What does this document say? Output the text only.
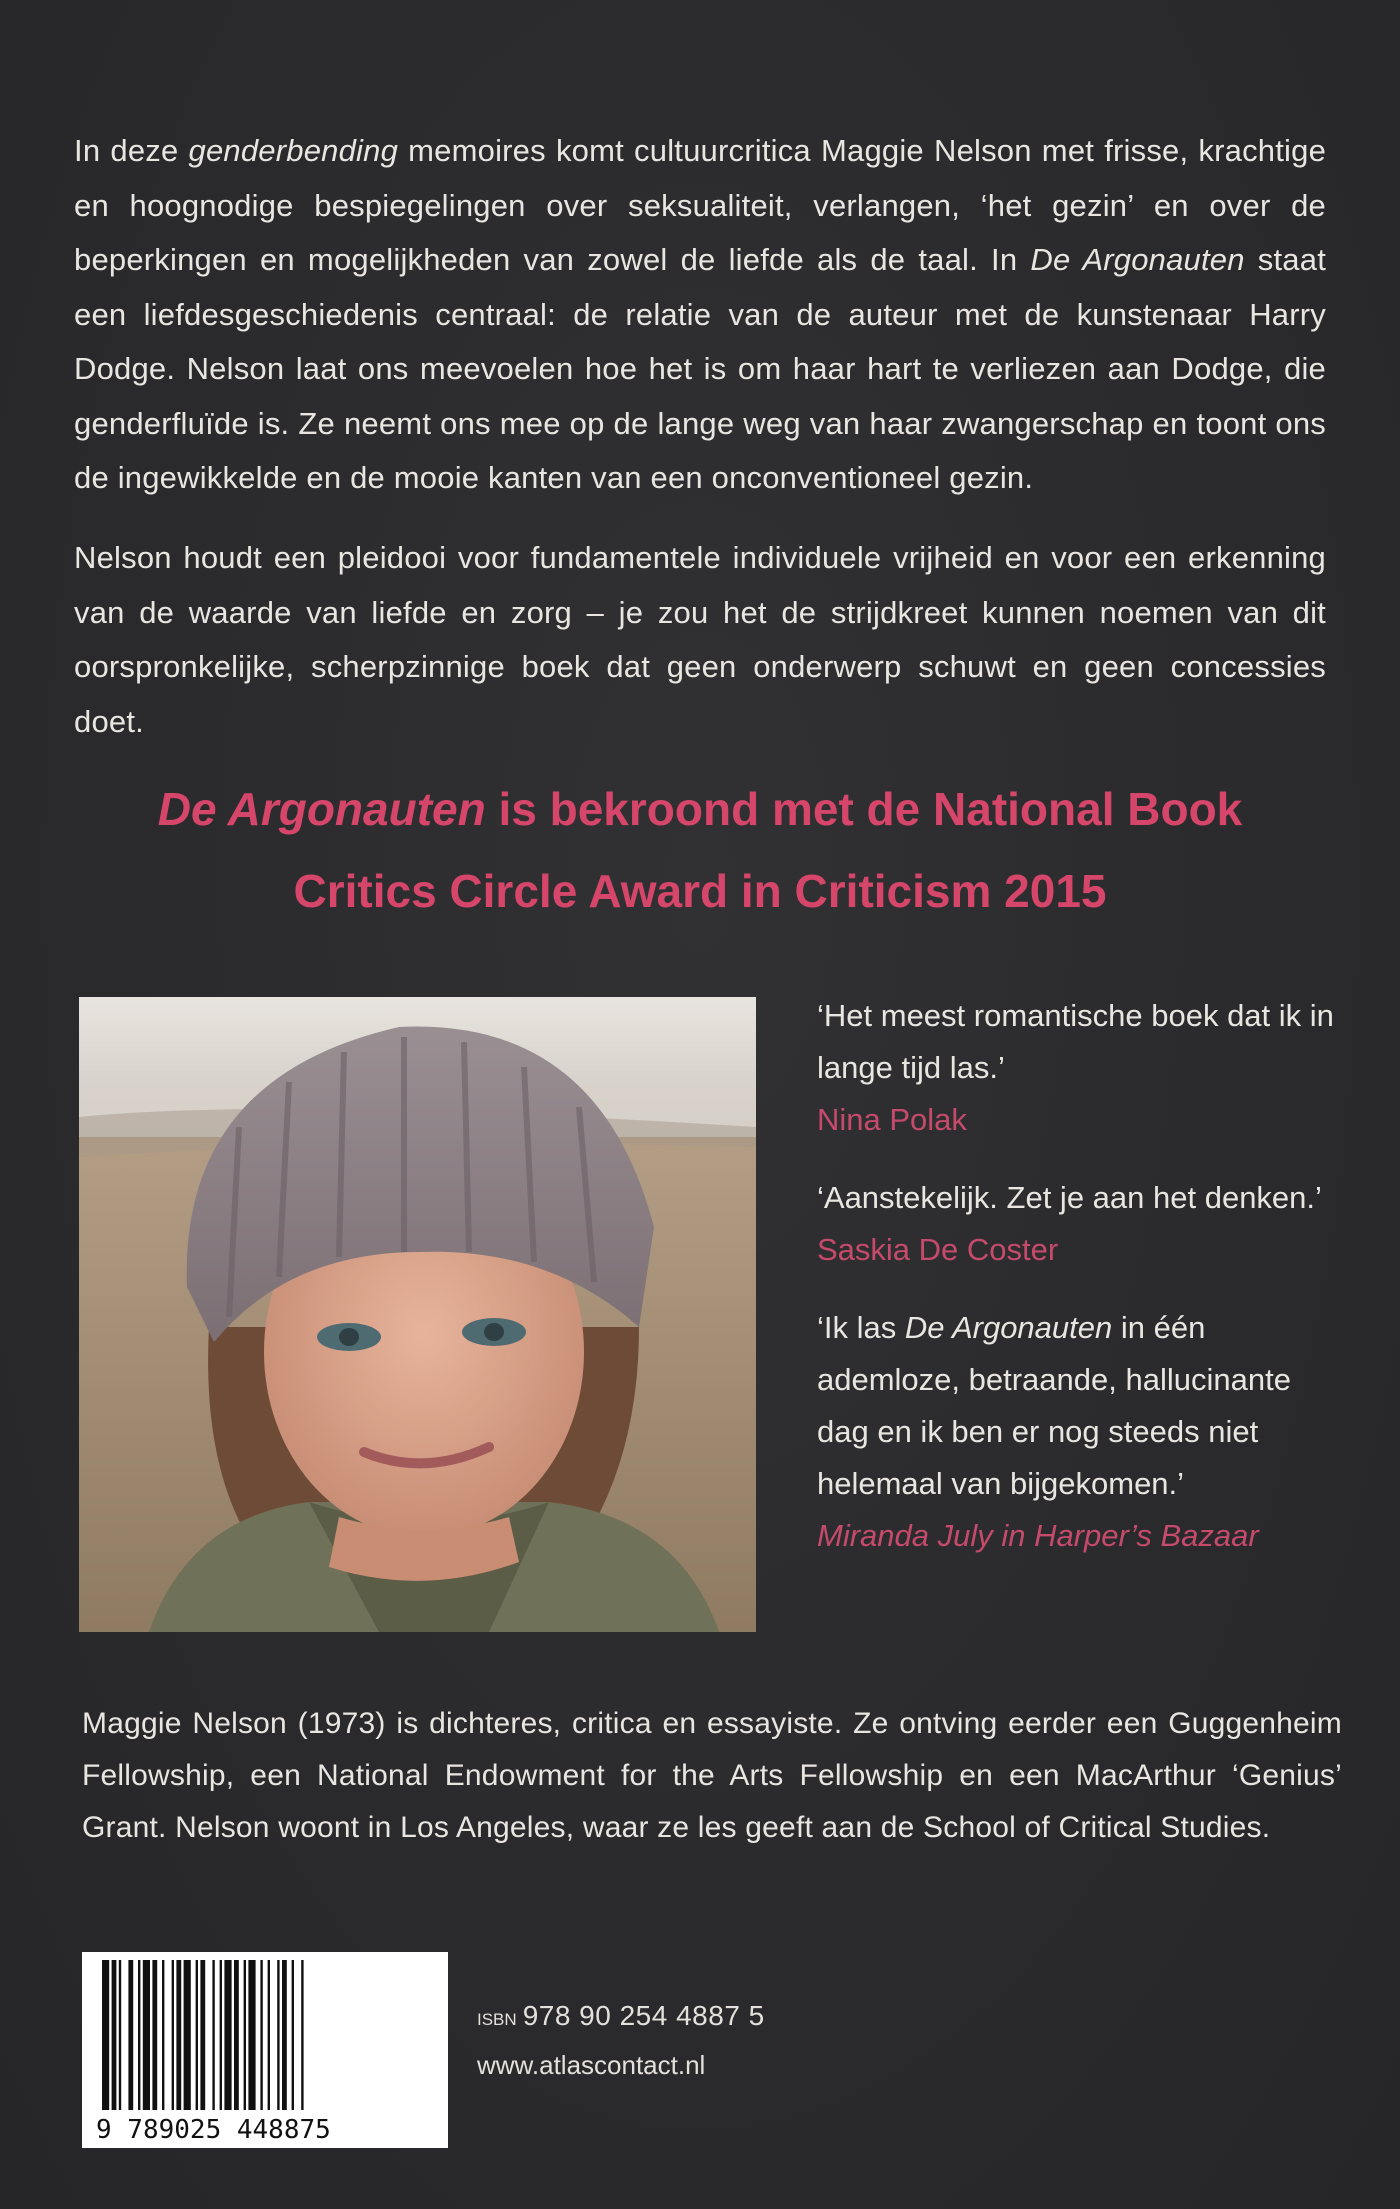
In deze genderbending memoires komt cultuurcritica Maggie Nelson met frisse, krachtige en hoognodige bespiegelingen over seksualiteit, verlangen, ‘het gezin’ en over de beperkingen en mogelijkheden van zowel de liefde als de taal. In De Argonauten staat een liefdesgeschiedenis centraal: de relatie van de auteur met de kunstenaar Harry Dodge. Nelson laat ons meevoelen hoe het is om haar hart te verliezen aan Dodge, die genderfluïde is. Ze neemt ons mee op de lange weg van haar zwangerschap en toont ons de ingewikkelde en de mooie kanten van een onconventioneel gezin.

Nelson houdt een pleidooi voor fundamentele individuele vrijheid en voor een erkenning van de waarde van liefde en zorg – je zou het de strijdkreet kunnen noemen van dit oorspronkelijke, scherpzinnige boek dat geen onderwerp schuwt en geen concessies doet.

De Argonauten is bekroond met de National Book
Critics Circle Award in Criticism 2015

‘Het meest romantische boek dat ik in lange tijd las.’

Nina Polak

‘Aanstekelijk. Zet je aan het denken.’

Saskia De Coster

‘Ik las De Argonauten in één ademloze, betraande, hallucinante dag en ik ben er nog steeds niet helemaal van bijgekomen.’

Miranda July in Harper’s Bazaar

Maggie Nelson (1973) is dichteres, critica en essayiste. Ze ontving eerder een Guggenheim Fellowship, een National Endowment for the Arts Fellowship en een MacArthur ‘Genius’ Grant. Nelson woont in Los Angeles, waar ze les geeft aan de School of Critical Studies.

9 789025 448875
ISBN 978 90 254 4887 5
www.atlascontact.nl
